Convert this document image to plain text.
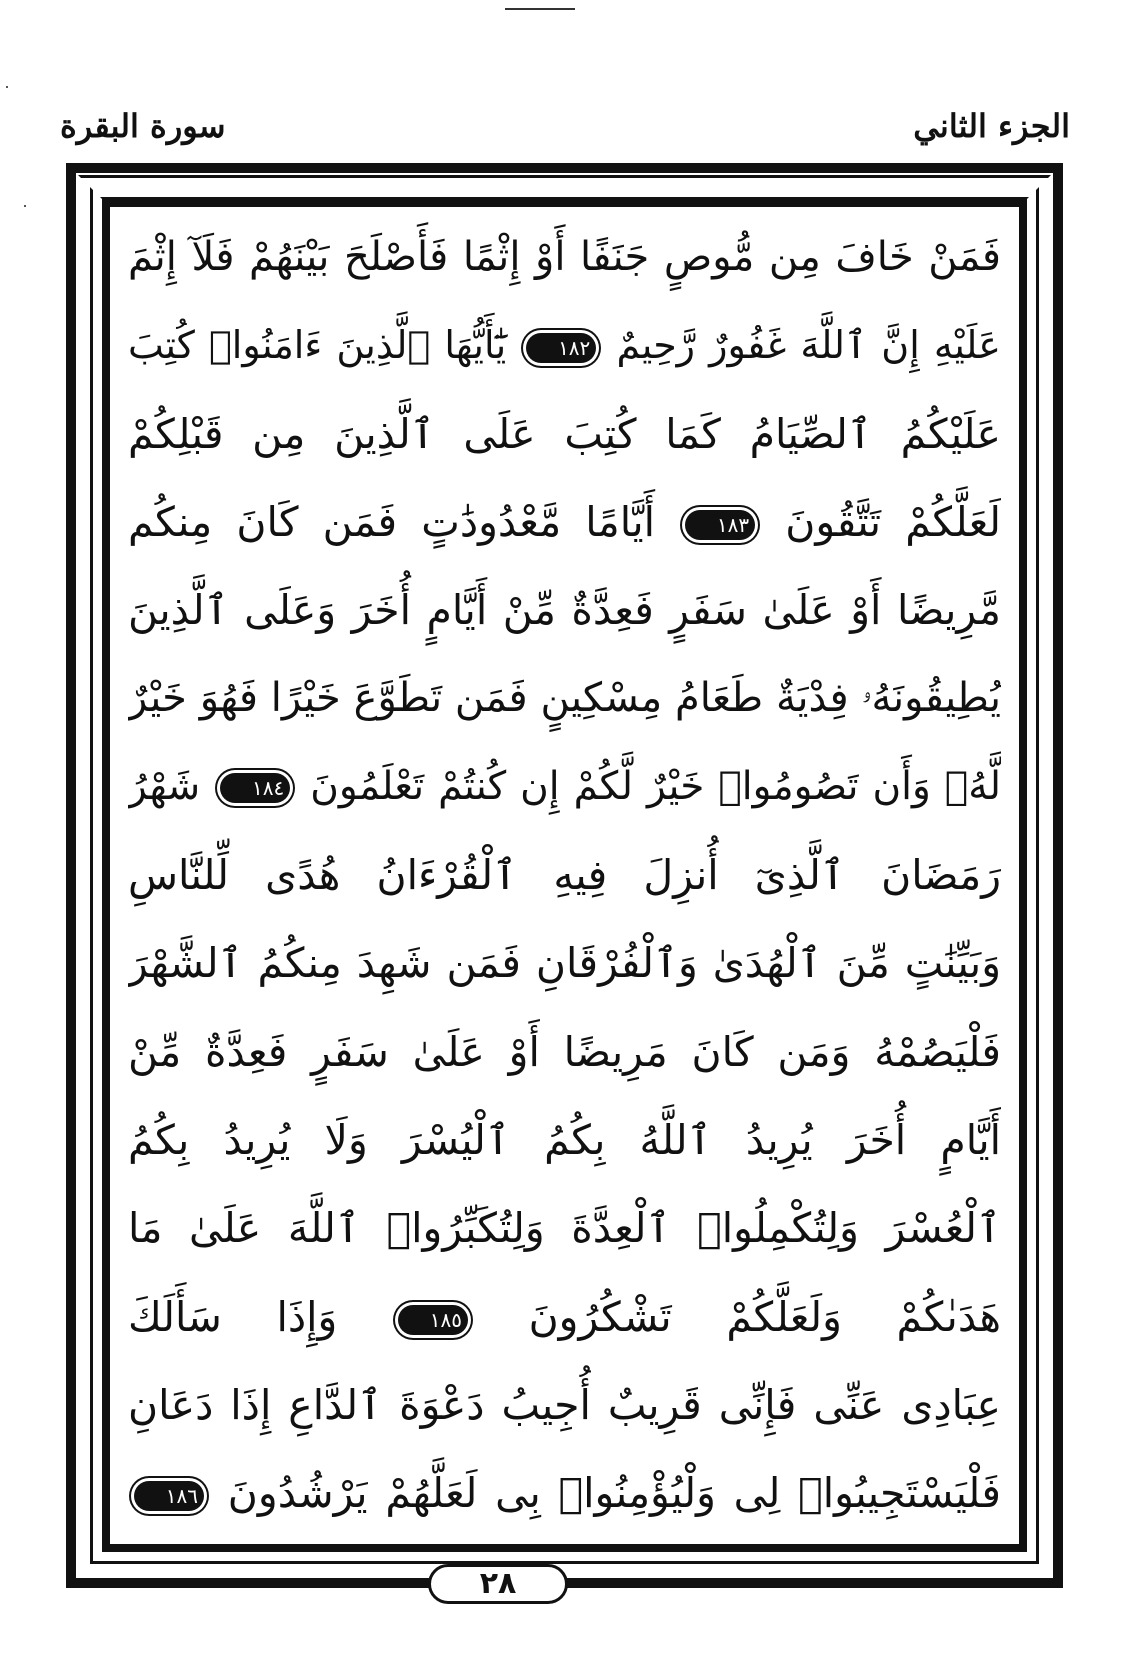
سورة البقرة	الجزء الثاني
فَمَنْ خَافَ مِن مُّوصٍ جَنَفًا أَوْ إِثْمًا فَأَصْلَحَ بَيْنَهُمْ فَلَآ إِثْمَ
عَلَيْهِ إِنَّ ٱللَّهَ غَفُورٌ رَّحِيمٌ ١٨٢ يَٰٓأَيُّهَا ٱلَّذِينَ ءَامَنُوا۟ كُتِبَ
عَلَيْكُمُ ٱلصِّيَامُ كَمَا كُتِبَ عَلَى ٱلَّذِينَ مِن قَبْلِكُمْ
لَعَلَّكُمْ تَتَّقُونَ ١٨٣ أَيَّامًا مَّعْدُودَٰتٍ فَمَن كَانَ مِنكُم
مَّرِيضًا أَوْ عَلَىٰ سَفَرٍ فَعِدَّةٌ مِّنْ أَيَّامٍ أُخَرَ وَعَلَى ٱلَّذِينَ
يُطِيقُونَهُۥ فِدْيَةٌ طَعَامُ مِسْكِينٍ فَمَن تَطَوَّعَ خَيْرًا فَهُوَ خَيْرٌ
لَّهُۥ وَأَن تَصُومُوا۟ خَيْرٌ لَّكُمْ إِن كُنتُمْ تَعْلَمُونَ ١٨٤ شَهْرُ
رَمَضَانَ ٱلَّذِىٓ أُنزِلَ فِيهِ ٱلْقُرْءَانُ هُدًى لِّلنَّاسِ
وَبَيِّنَٰتٍ مِّنَ ٱلْهُدَىٰ وَٱلْفُرْقَانِ فَمَن شَهِدَ مِنكُمُ ٱلشَّهْرَ
فَلْيَصُمْهُ وَمَن كَانَ مَرِيضًا أَوْ عَلَىٰ سَفَرٍ فَعِدَّةٌ مِّنْ
أَيَّامٍ أُخَرَ يُرِيدُ ٱللَّهُ بِكُمُ ٱلْيُسْرَ وَلَا يُرِيدُ بِكُمُ
ٱلْعُسْرَ وَلِتُكْمِلُوا۟ ٱلْعِدَّةَ وَلِتُكَبِّرُوا۟ ٱللَّهَ عَلَىٰ مَا
هَدَىٰكُمْ وَلَعَلَّكُمْ تَشْكُرُونَ ١٨٥ وَإِذَا سَأَلَكَ
عِبَادِى عَنِّى فَإِنِّى قَرِيبٌ أُجِيبُ دَعْوَةَ ٱلدَّاعِ إِذَا دَعَانِ
فَلْيَسْتَجِيبُوا۟ لِى وَلْيُؤْمِنُوا۟ بِى لَعَلَّهُمْ يَرْشُدُونَ ١٨٦
٢٨
